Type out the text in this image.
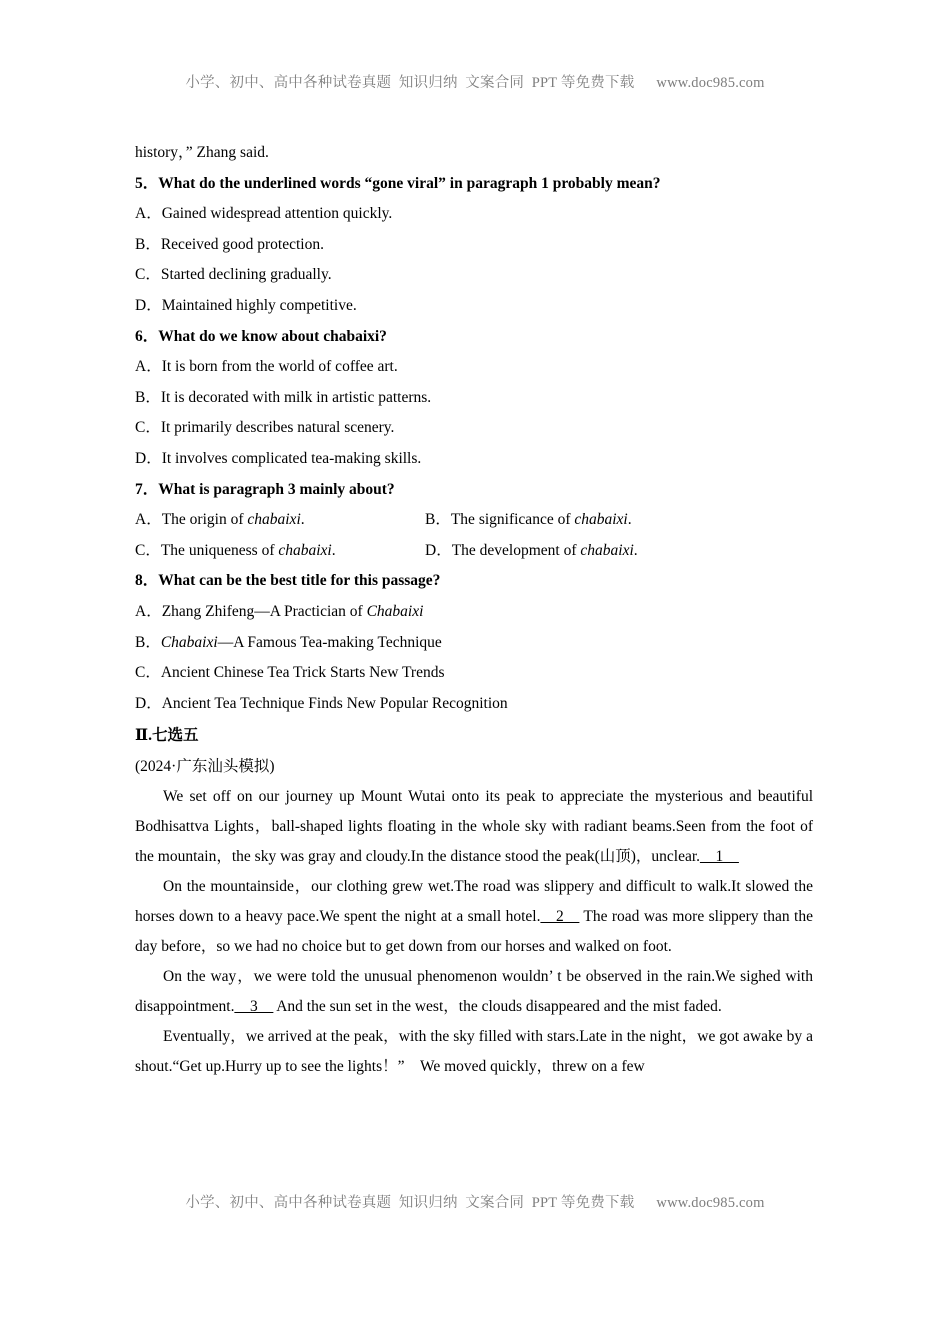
小学、初中、高中各种试卷真题  知识归纳  文案合同  PPT 等免费下载 www.doc985.com
history，” Zhang said.
5．What do the underlined words “gone viral” in paragraph 1 probably mean?
A．Gained widespread attention quickly.
B．Received good protection.
C．Started declining gradually.
D．Maintained highly competitive.
6．What do we know about chabaixi?
A．It is born from the world of coffee art.
B．It is decorated with milk in artistic patterns.
C．It primarily describes natural scenery.
D．It involves complicated tea-making skills.
7．What is paragraph 3 mainly about?
A．The origin of chabaixi.	B．The significance of chabaixi.
C．The uniqueness of chabaixi.	D．The development of chabaixi.
8．What can be the best title for this passage?
A．Zhang Zhifeng—A Practician of Chabaixi
B．Chabaixi—A Famous Tea-making Technique
C．Ancient Chinese Tea Trick Starts New Trends
D．Ancient Tea Technique Finds New Popular Recognition
Ⅱ.七选五
(2024·广东汕头模拟)

We set off on our journey up Mount Wutai onto its peak to appreciate the mysterious and beautiful Bodhisattva Lights，ball-shaped lights floating in the whole sky with radiant beams.Seen from the foot of the mountain，the sky was gray and cloudy.In the distance stood the peak(山顶)，unclear.__1__

On the mountainside，our clothing grew wet.The road was slippery and difficult to walk.It slowed the horses down to a heavy pace.We spent the night at a small hotel.__2__ The road was more slippery than the day before，so we had no choice but to get down from our horses and walked on foot.

On the way，we were told the unusual phenomenon wouldn’ t be observed in the rain.We sighed with disappointment.__3__ And the sun set in the west，the clouds disappeared and the mist faded.

Eventually，we arrived at the peak，with the sky filled with stars.Late in the night，we got awake by a shout.“Get up.Hurry up to see the lights！”　We moved quickly，threw on a few

小学、初中、高中各种试卷真题  知识归纳  文案合同  PPT 等免费下载 www.doc985.com
